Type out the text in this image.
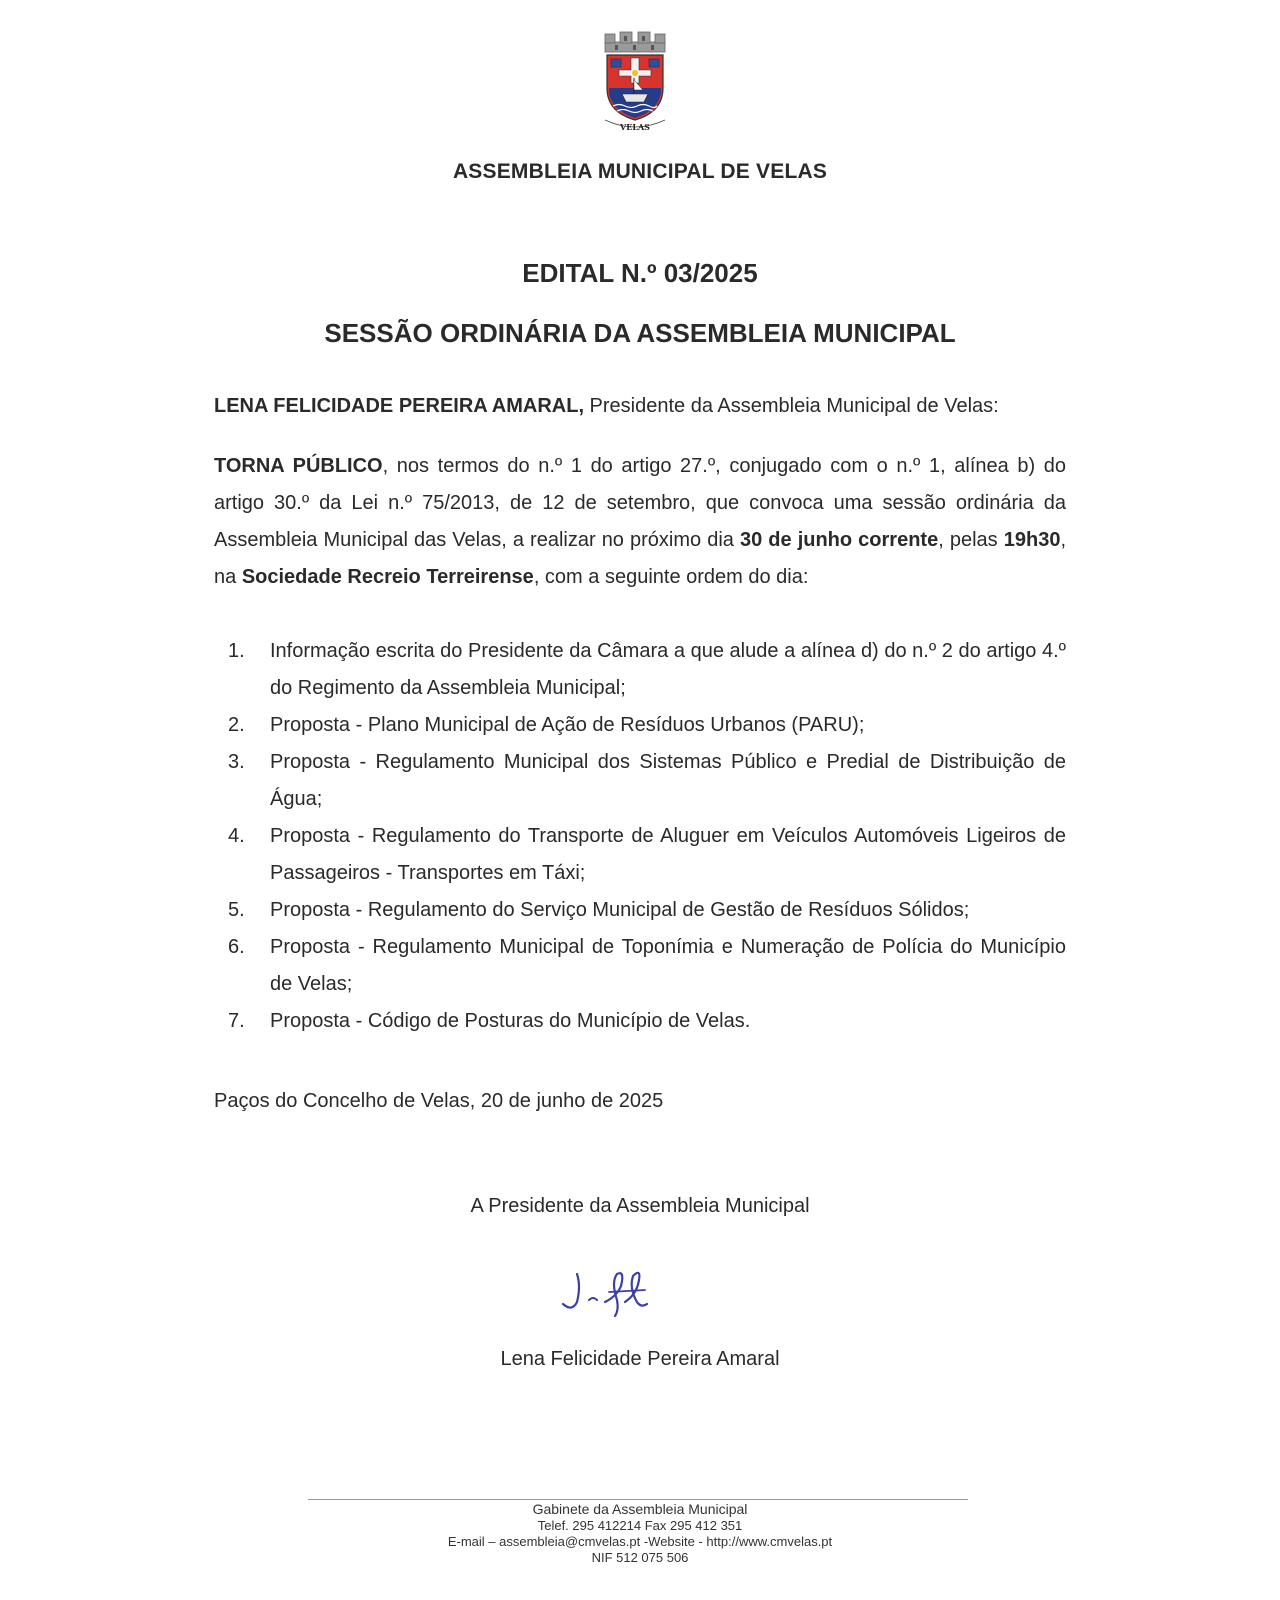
VELAS
ASSEMBLEIA MUNICIPAL DE VELAS
EDITAL N.º 03/2025
SESSÃO ORDINÁRIA DA ASSEMBLEIA MUNICIPAL
LENA FELICIDADE PEREIRA AMARAL, Presidente da Assembleia Municipal de Velas:
TORNA PÚBLICO, nos termos do n.º 1 do artigo 27.º, conjugado com o n.º 1, alínea b) do artigo 30.º da Lei n.º 75/2013, de 12 de setembro, que convoca uma sessão ordinária da Assembleia Municipal das Velas, a realizar no próximo dia 30 de junho corrente, pelas 19h30, na Sociedade Recreio Terreirense, com a seguinte ordem do dia:
1.	Informação escrita do Presidente da Câmara a que alude a alínea d) do n.º 2 do artigo 4.º do Regimento da Assembleia Municipal;
2.	Proposta - Plano Municipal de Ação de Resíduos Urbanos (PARU);
3.	Proposta - Regulamento Municipal dos Sistemas Público e Predial de Distribuição de Água;
4.	Proposta - Regulamento do Transporte de Aluguer em Veículos Automóveis Ligeiros de Passageiros - Transportes em Táxi;
5.	Proposta - Regulamento do Serviço Municipal de Gestão de Resíduos Sólidos;
6.	Proposta - Regulamento Municipal de Toponímia e Numeração de Polícia do Município de Velas;
7.	Proposta - Código de Posturas do Município de Velas.
Paços do Concelho de Velas, 20 de junho de 2025
A Presidente da Assembleia Municipal
Lena Felicidade Pereira Amaral
Gabinete da Assembleia Municipal
Telef. 295 412214 Fax 295 412 351
E-mail – assembleia@cmvelas.pt -Website - http://www.cmvelas.pt
NIF 512 075 506
